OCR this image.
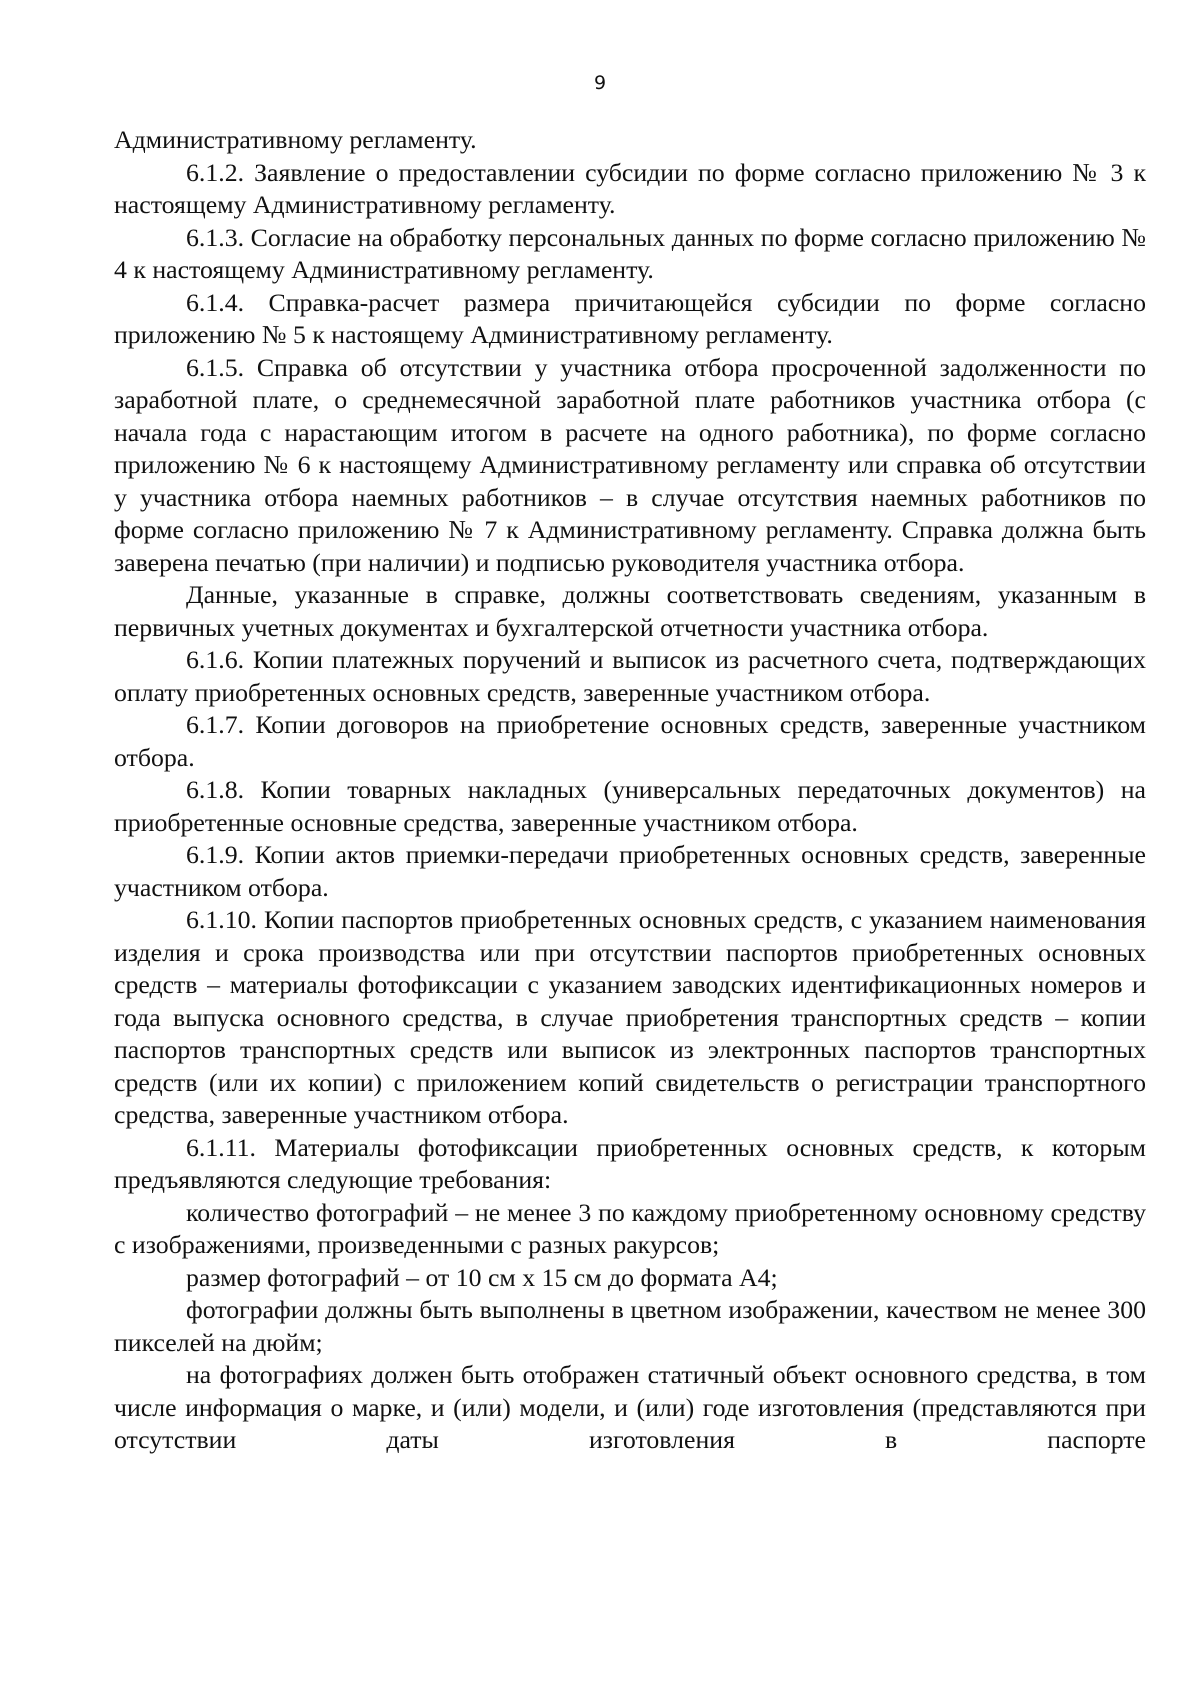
9

Административному регламенту.

6.1.2. Заявление о предоставлении субсидии по форме согласно приложению № 3 к настоящему Административному регламенту.

6.1.3. Согласие на обработку персональных данных по форме согласно приложению № 4 к настоящему Административному регламенту.

6.1.4. Справка-расчет размера причитающейся субсидии по форме согласно приложению № 5 к настоящему Административному регламенту.

6.1.5. Справка об отсутствии у участника отбора просроченной задолженности по заработной плате, о среднемесячной заработной плате работников участника отбора (с начала года с нарастающим итогом в расчете на одного работника), по форме согласно приложению № 6 к настоящему Административному регламенту или справка об отсутствии у участника отбора наемных работников – в случае отсутствия наемных работников по форме согласно приложению № 7 к Административному регламенту. Справка должна быть заверена печатью (при наличии) и подписью руководителя участника отбора.

Данные, указанные в справке, должны соответствовать сведениям, указанным в первичных учетных документах и бухгалтерской отчетности участника отбора.

6.1.6. Копии платежных поручений и выписок из расчетного счета, подтверждающих оплату приобретенных основных средств, заверенные участником отбора.

6.1.7. Копии договоров на приобретение основных средств, заверенные участником отбора.

6.1.8. Копии товарных накладных (универсальных передаточных документов) на приобретенные основные средства, заверенные участником отбора.

6.1.9. Копии актов приемки-передачи приобретенных основных средств, заверенные участником отбора.

6.1.10. Копии паспортов приобретенных основных средств, с указанием наименования изделия и срока производства или при отсутствии паспортов приобретенных основных средств – материалы фотофиксации с указанием заводских идентификационных номеров и года выпуска основного средства, в случае приобретения транспортных средств – копии паспортов транспортных средств или выписок из электронных паспортов транспортных средств (или их копии) с приложением копий свидетельств о регистрации транспортного средства, заверенные участником отбора.

6.1.11. Материалы фотофиксации приобретенных основных средств, к которым предъявляются следующие требования:

количество фотографий – не менее 3 по каждому приобретенному основному средству с изображениями, произведенными с разных ракурсов;

размер фотографий – от 10 см х 15 см до формата А4;

фотографии должны быть выполнены в цветном изображении, качеством не менее 300 пикселей на дюйм;

на фотографиях должен быть отображен статичный объект основного средства, в том числе информация о марке, и (или) модели, и (или) годе изготовления (представляются при отсутствии даты изготовления в паспорте
